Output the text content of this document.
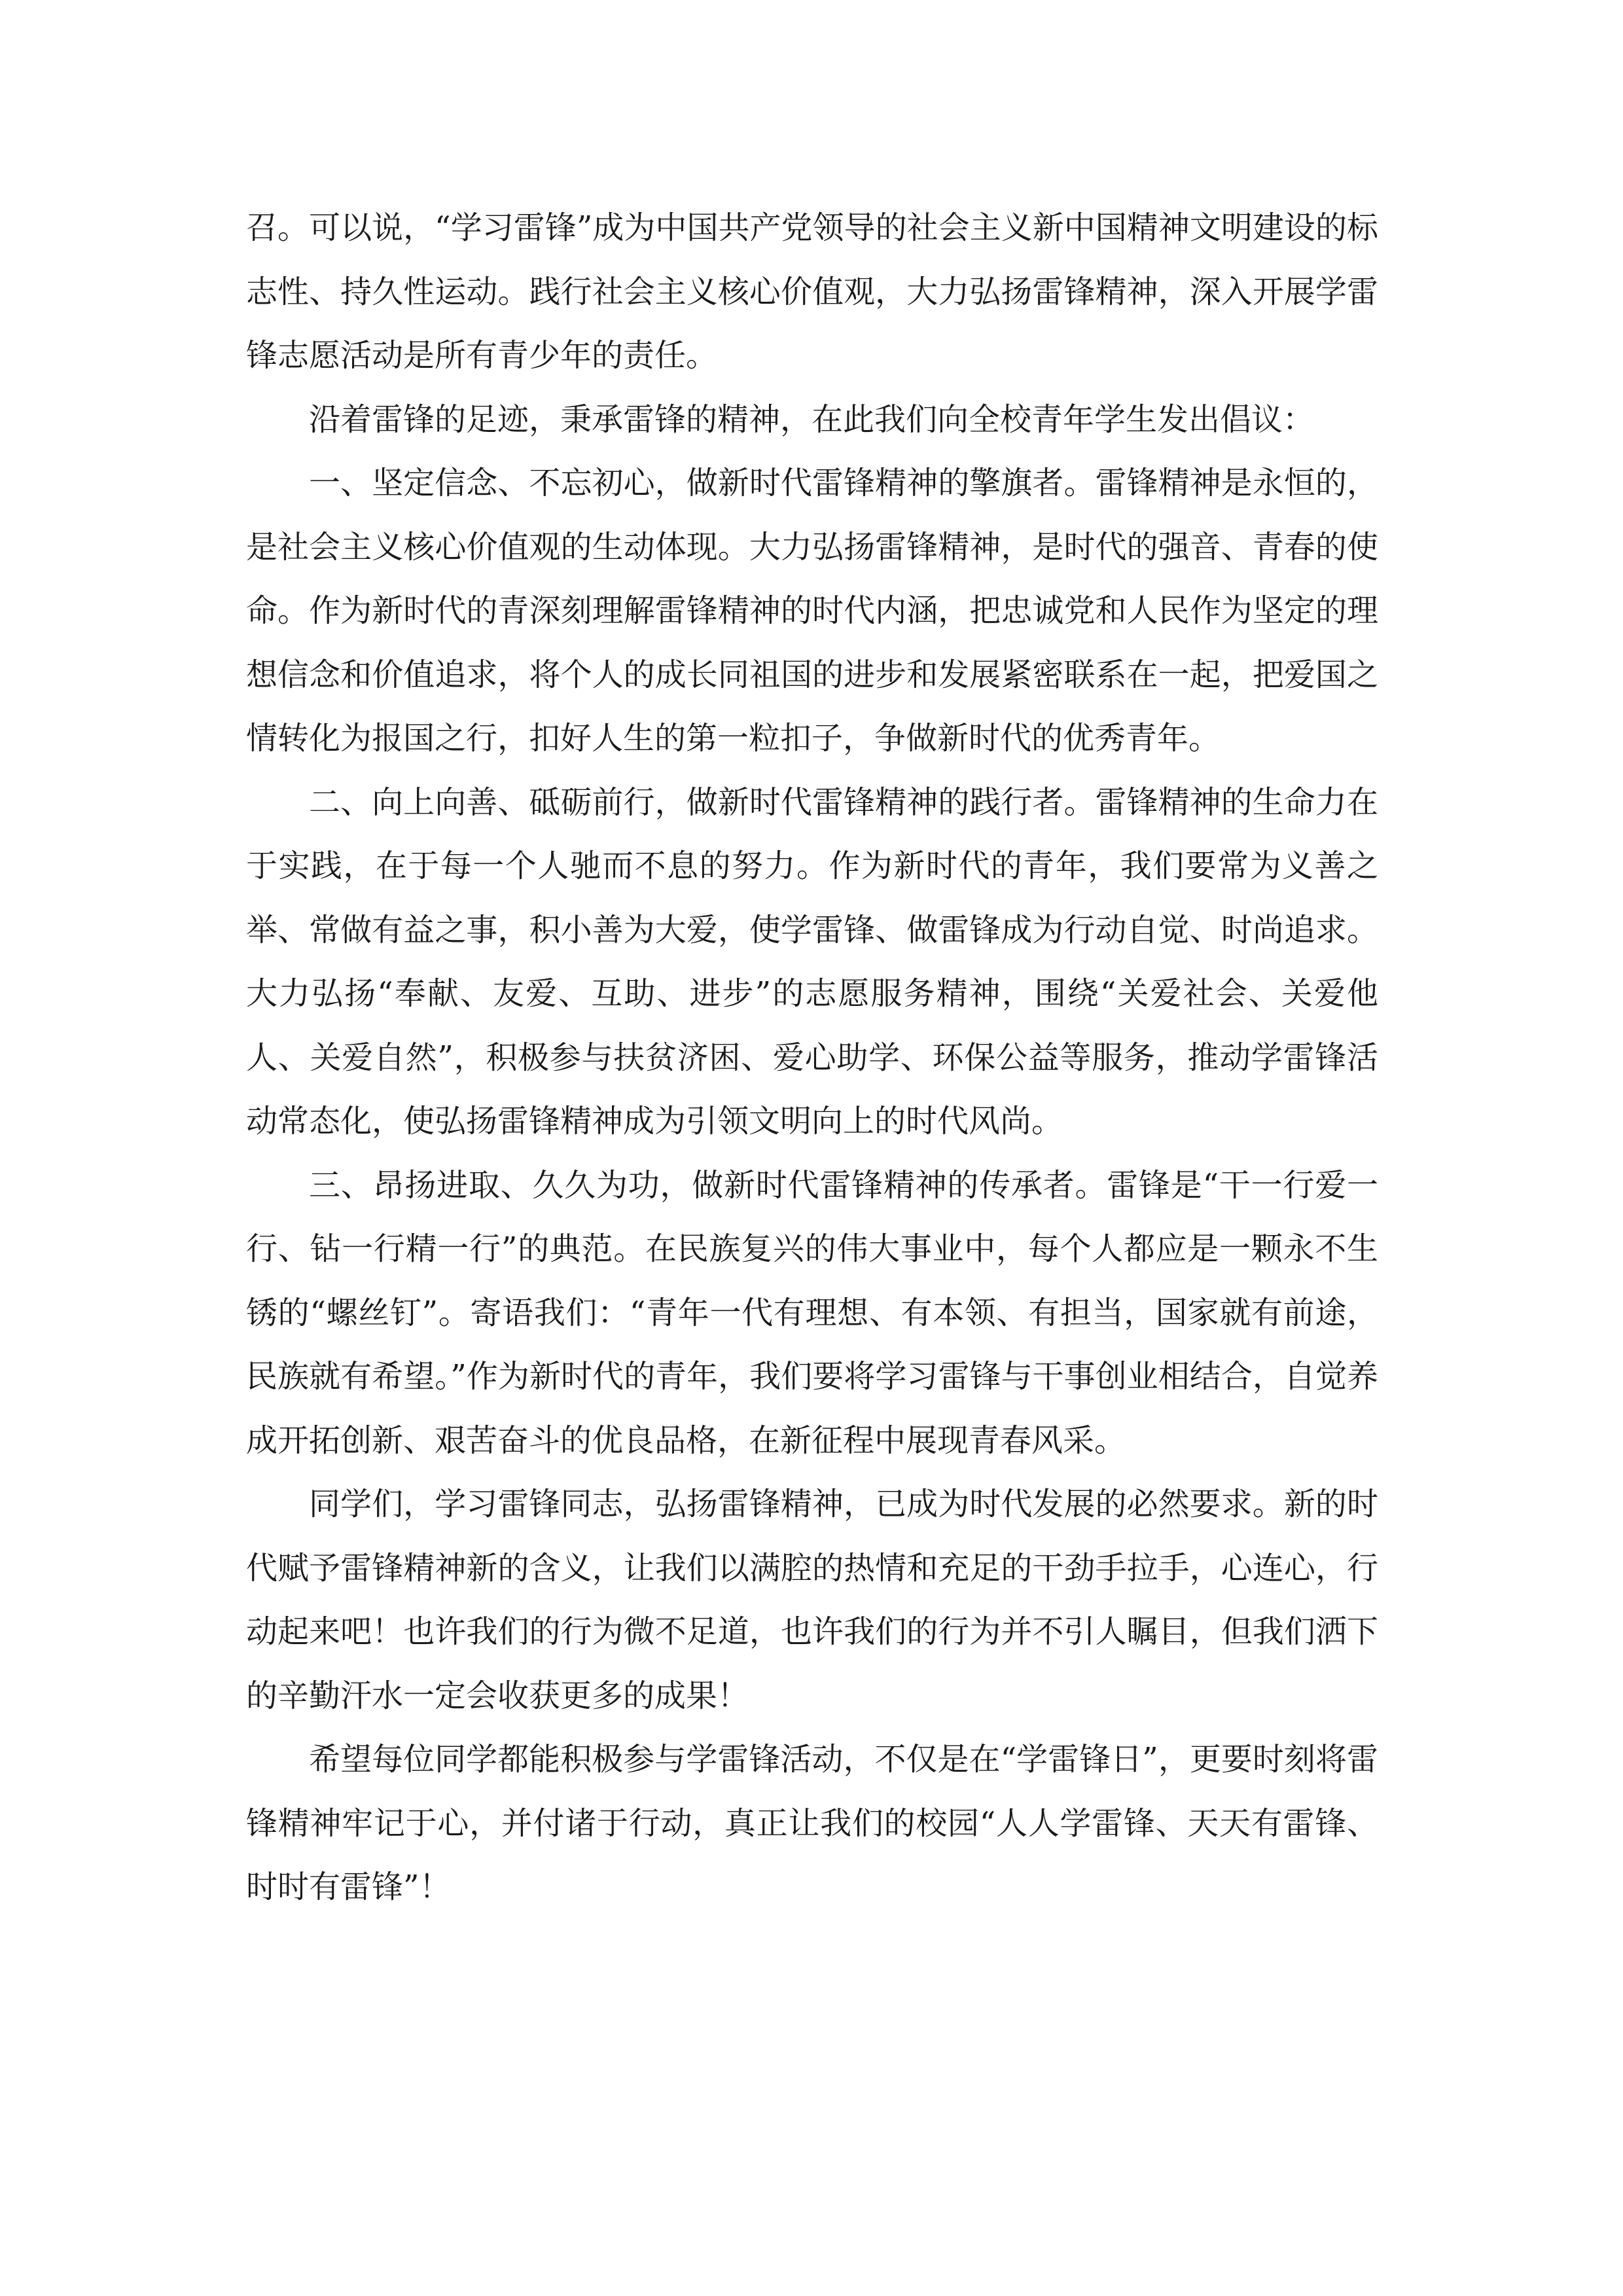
召。可以说，“学习雷锋”成为中国共产党领导的社会主义新中国精神文明建设的标志性、持久性运动。践行社会主义核心价值观，大力弘扬雷锋精神，深入开展学雷锋志愿活动是所有青少年的责任。

沿着雷锋的足迹，秉承雷锋的精神，在此我们向全校青年学生发出倡议：

一、坚定信念、不忘初心，做新时代雷锋精神的擎旗者。雷锋精神是永恒的，是社会主义核心价值观的生动体现。大力弘扬雷锋精神，是时代的强音、青春的使命。作为新时代的青深刻理解雷锋精神的时代内涵，把忠诚党和人民作为坚定的理想信念和价值追求，将个人的成长同祖国的进步和发展紧密联系在一起，把爱国之情转化为报国之行，扣好人生的第一粒扣子，争做新时代的优秀青年。

二、向上向善、砥砺前行，做新时代雷锋精神的践行者。雷锋精神的生命力在于实践，在于每一个人驰而不息的努力。作为新时代的青年，我们要常为义善之举、常做有益之事，积小善为大爱，使学雷锋、做雷锋成为行动自觉、时尚追求。大力弘扬“奉献、友爱、互助、进步”的志愿服务精神，围绕“关爱社会、关爱他人、关爱自然”，积极参与扶贫济困、爱心助学、环保公益等服务，推动学雷锋活动常态化，使弘扬雷锋精神成为引领文明向上的时代风尚。

三、昂扬进取、久久为功，做新时代雷锋精神的传承者。雷锋是“干一行爱一行、钻一行精一行”的典范。在民族复兴的伟大事业中，每个人都应是一颗永不生锈的“螺丝钉”。寄语我们：“青年一代有理想、有本领、有担当，国家就有前途，民族就有希望。”作为新时代的青年，我们要将学习雷锋与干事创业相结合，自觉养成开拓创新、艰苦奋斗的优良品格，在新征程中展现青春风采。

同学们，学习雷锋同志，弘扬雷锋精神，已成为时代发展的必然要求。新的时代赋予雷锋精神新的含义，让我们以满腔的热情和充足的干劲手拉手，心连心，行动起来吧！也许我们的行为微不足道，也许我们的行为并不引人瞩目，但我们洒下的辛勤汗水一定会收获更多的成果！

希望每位同学都能积极参与学雷锋活动，不仅是在“学雷锋日”，更要时刻将雷锋精神牢记于心，并付诸于行动，真正让我们的校园“人人学雷锋、天天有雷锋、时时有雷锋”！
